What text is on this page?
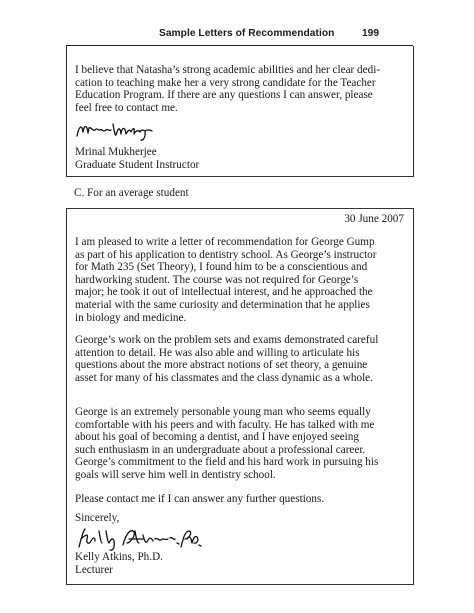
Sample Letters of Recommendation	199

I believe that Natasha’s strong academic abilities and her clear dedi-
cation to teaching make her a very strong candidate for the Teacher
Education Program. If there are any questions I can answer, please
feel free to contact me.

Mrinal Mukherjee
Graduate Student Instructor
C. For an average student
30 June 2007

I am pleased to write a letter of recommendation for George Gump
as part of his application to dentistry school. As George’s instructor
for Math 235 (Set Theory), I found him to be a conscientious and
hardworking student. The course was not required for George’s
major; he took it out of intellectual interest, and he approached the
material with the same curiosity and determination that he applies
in biology and medicine.

George’s work on the problem sets and exams demonstrated careful
attention to detail. He was also able and willing to articulate his
questions about the more abstract notions of set theory, a genuine
asset for many of his classmates and the class dynamic as a whole.

George is an extremely personable young man who seems equally
comfortable with his peers and with faculty. He has talked with me
about his goal of becoming a dentist, and I have enjoyed seeing
such enthusiasm in an undergraduate about a professional career.
George’s commitment to the field and his hard work in pursuing his
goals will serve him well in dentistry school.

Please contact me if I can answer any further questions.
Sincerely,
Kelly Atkins, Ph.D.
Lecturer
